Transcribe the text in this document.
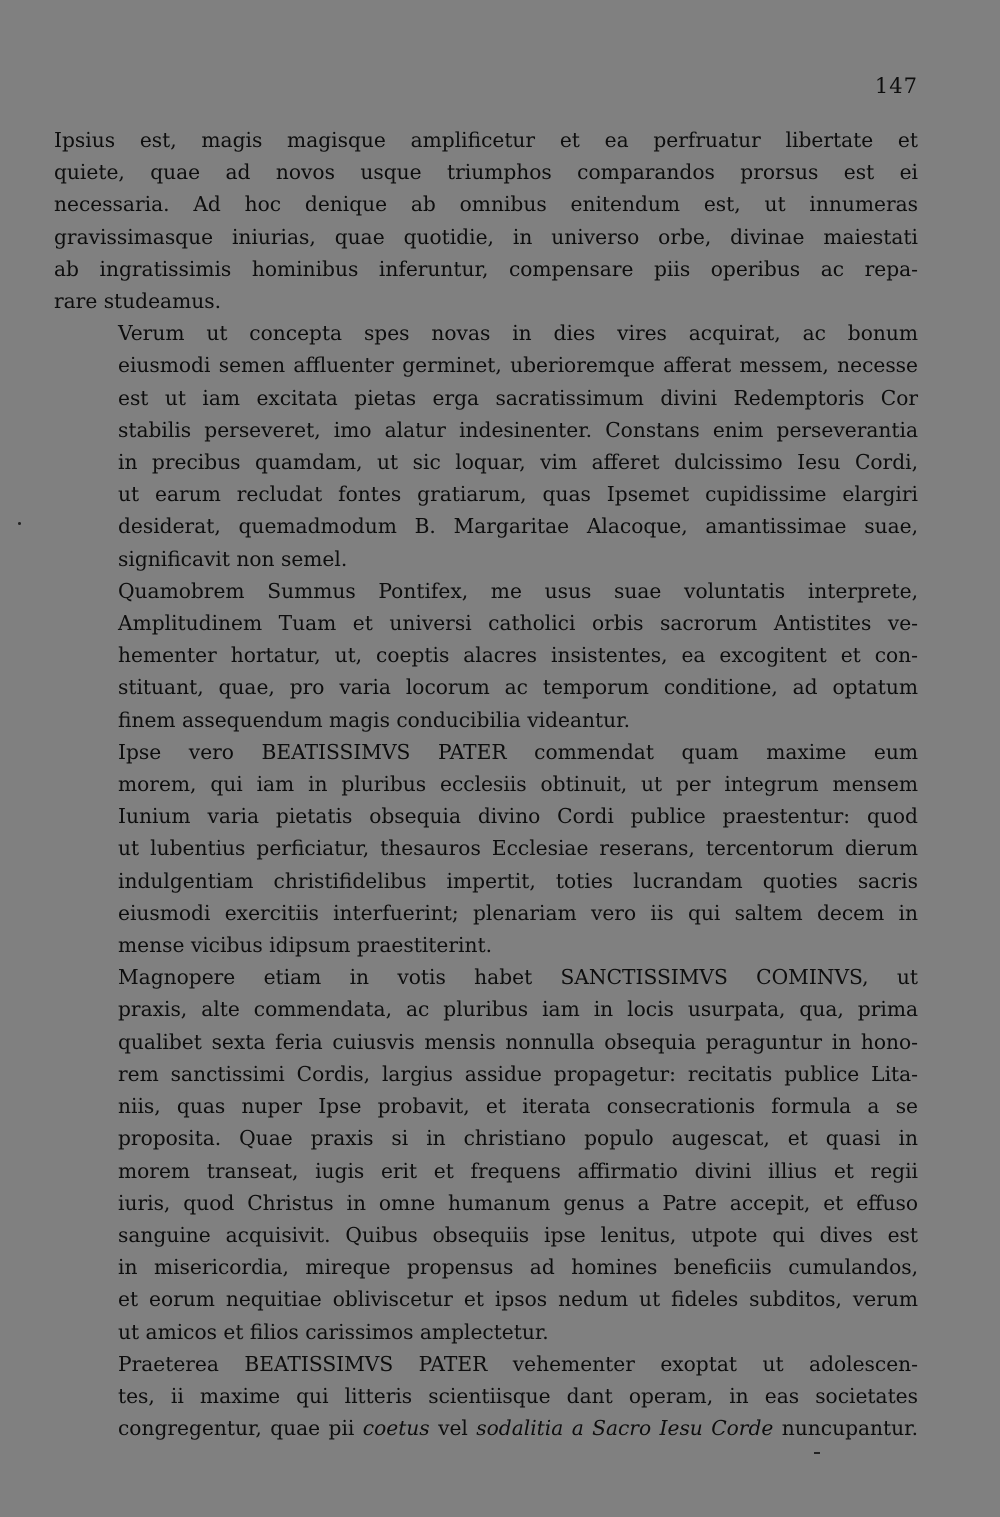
147
Ipsius est, magis magisque amplificetur et ea perfruatur libertate et
quiete, quae ad novos usque triumphos comparandos prorsus est ei
necessaria. Ad hoc denique ab omnibus enitendum est, ut innumeras
gravissimasque iniurias, quae quotidie, in universo orbe, divinae maiestati
ab ingratissimis hominibus inferuntur, compensare piis operibus ac repa-
rare studeamus.
Verum ut concepta spes novas in dies vires acquirat, ac bonum
eiusmodi semen affluenter germinet, uberioremque afferat messem, necesse
est ut iam excitata pietas erga sacratissimum divini Redemptoris Cor
stabilis perseveret, imo alatur indesinenter. Constans enim perseverantia
in precibus quamdam, ut sic loquar, vim afferet dulcissimo Iesu Cordi,
ut earum recludat fontes gratiarum, quas Ipsemet cupidissime elargiri
desiderat, quemadmodum B. Margaritae Alacoque, amantissimae suae,
significavit non semel.
Quamobrem Summus Pontifex, me usus suae voluntatis interprete,
Amplitudinem Tuam et universi catholici orbis sacrorum Antistites ve-
hementer hortatur, ut, coeptis alacres insistentes, ea excogitent et con-
stituant, quae, pro varia locorum ac temporum conditione, ad optatum
finem assequendum magis conducibilia videantur.
Ipse vero BEATISSIMVS PATER commendat quam maxime eum
morem, qui iam in pluribus ecclesiis obtinuit, ut per integrum mensem
Iunium varia pietatis obsequia divino Cordi publice praestentur: quod
ut lubentius perficiatur, thesauros Ecclesiae reserans, tercentorum dierum
indulgentiam christifidelibus impertit, toties lucrandam quoties sacris
eiusmodi exercitiis interfuerint; plenariam vero iis qui saltem decem in
mense vicibus idipsum praestiterint.
Magnopere etiam in votis habet SANCTISSIMVS COMINVS, ut
praxis, alte commendata, ac pluribus iam in locis usurpata, qua, prima
qualibet sexta feria cuiusvis mensis nonnulla obsequia peraguntur in hono-
rem sanctissimi Cordis, largius assidue propagetur: recitatis publice Lita-
niis, quas nuper Ipse probavit, et iterata consecrationis formula a se
proposita. Quae praxis si in christiano populo augescat, et quasi in
morem transeat, iugis erit et frequens affirmatio divini illius et regii
iuris, quod Christus in omne humanum genus a Patre accepit, et effuso
sanguine acquisivit. Quibus obsequiis ipse lenitus, utpote qui dives est
in misericordia, mireque propensus ad homines beneficiis cumulandos,
et eorum nequitiae obliviscetur et ipsos nedum ut fideles subditos, verum
ut amicos et filios carissimos amplectetur.
Praeterea BEATISSIMVS PATER vehementer exoptat ut adolescen-
tes, ii maxime qui litteris scientiisque dant operam, in eas societates
congregentur, quae pii coetus vel sodalitia a Sacro Iesu Corde nuncupantur.
